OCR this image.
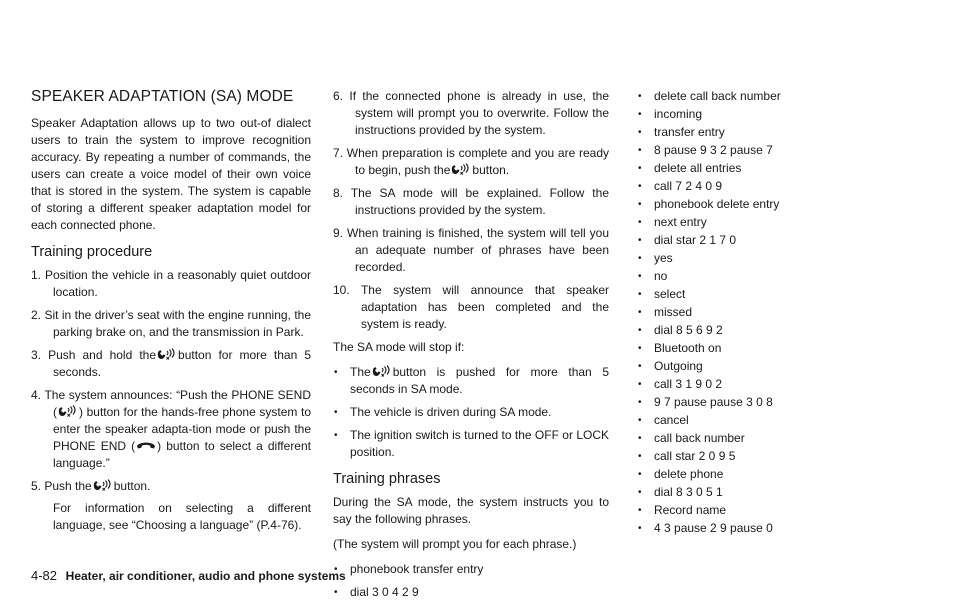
SPEAKER ADAPTATION (SA) MODE

Speaker Adaptation allows up to two out-of dialect users to train the system to improve recognition accuracy. By repeating a number of commands, the users can create a voice model of their own voice that is stored in the system. The system is capable of storing a different speaker adaptation model for each connected phone.

Training procedure
1. Position the vehicle in a reasonably quiet outdoor location.
2. Sit in the driver’s seat with the engine running, the parking brake on, and the transmission in Park.
3. Push and hold the button for more than 5 seconds.
4. The system announces: “Push the PHONE SEND ( ) button for the hands-free phone system to enter the speaker adapta-tion mode or push the PHONE END ( ) button to select a different language.”
5. Push the button.
For information on selecting a different language, see “Choosing a language” (P.4-76).
6. If the connected phone is already in use, the system will prompt you to overwrite. Follow the instructions provided by the system.
7. When preparation is complete and you are ready to begin, push the button.
8. The SA mode will be explained. Follow the instructions provided by the system.
9. When training is finished, the system will tell you an adequate number of phrases have been recorded.
10. The system will announce that speaker adaptation has been completed and the system is ready.

The SA mode will stop if:

• The button is pushed for more than 5 seconds in SA mode.
• The vehicle is driven during SA mode.
• The ignition switch is turned to the OFF or LOCK position.
Training phrases

During the SA mode, the system instructs you to say the following phrases.

(The system will prompt you for each phrase.)

• phonebook transfer entry
• dial 3 0 4 2 9
• delete call back number
• incoming
• transfer entry
• 8 pause 9 3 2 pause 7
• delete all entries
• call 7 2 4 0 9
• phonebook delete entry
• next entry
• dial star 2 1 7 0
• yes
• no
• select
• missed
• dial 8 5 6 9 2
• Bluetooth on
• Outgoing
• call 3 1 9 0 2
• 9 7 pause pause 3 0 8
• cancel
• call back number
• call star 2 0 9 5
• delete phone
• dial 8 3 0 5 1
• Record name
• 4 3 pause 2 9 pause 0
4-82 Heater, air conditioner, audio and phone systems
